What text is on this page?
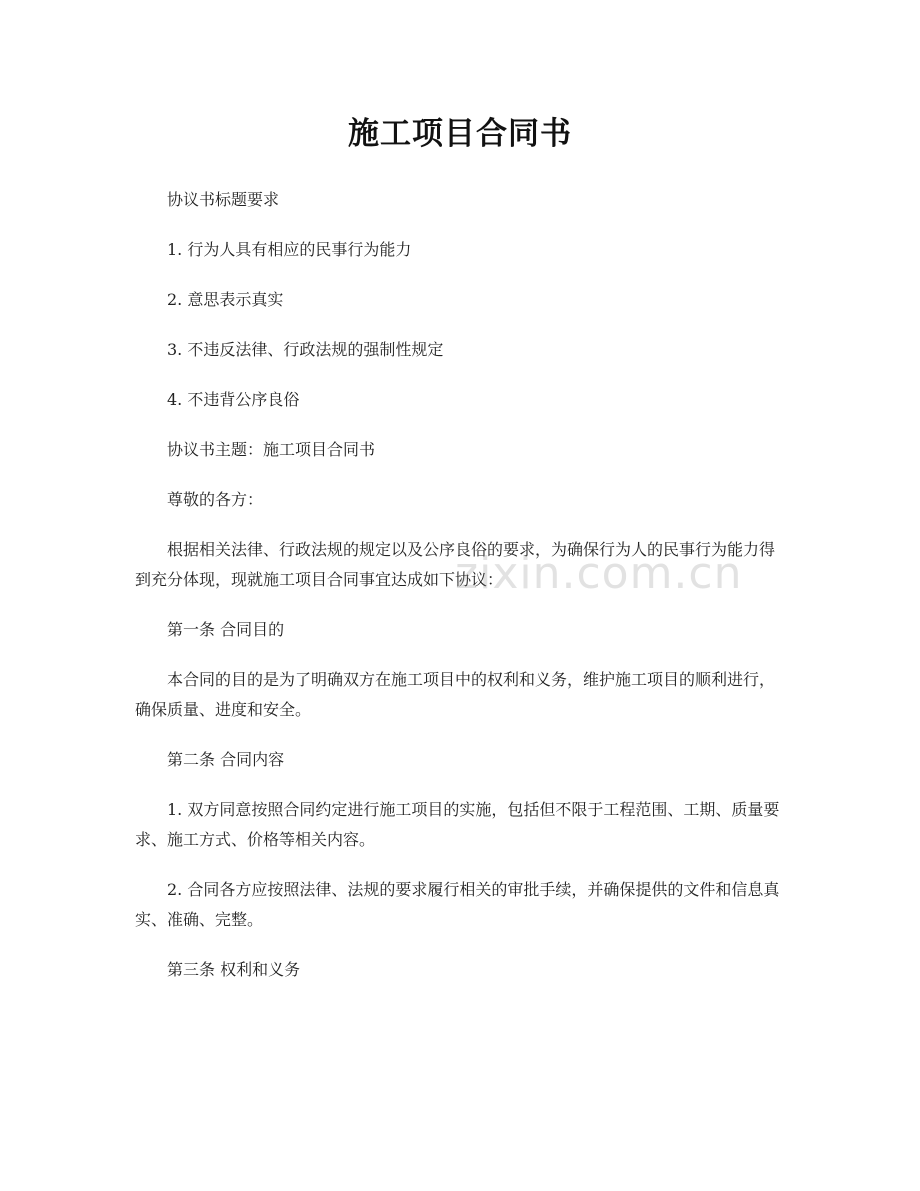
施工项目合同书

协议书标题要求

1. 行为人具有相应的民事行为能力

2. 意思表示真实

3. 不违反法律、行政法规的强制性规定

4. 不违背公序良俗

协议书主题：施工项目合同书

尊敬的各方：

根据相关法律、行政法规的规定以及公序良俗的要求，为确保行为人的民事行为能力得到充分体现，现就施工项目合同事宜达成如下协议：

第一条 合同目的

本合同的目的是为了明确双方在施工项目中的权利和义务，维护施工项目的顺利进行，确保质量、进度和安全。

第二条 合同内容

1. 双方同意按照合同约定进行施工项目的实施，包括但不限于工程范围、工期、质量要求、施工方式、价格等相关内容。

2. 合同各方应按照法律、法规的要求履行相关的审批手续，并确保提供的文件和信息真实、准确、完整。

第三条 权利和义务

zixin.com.cn
